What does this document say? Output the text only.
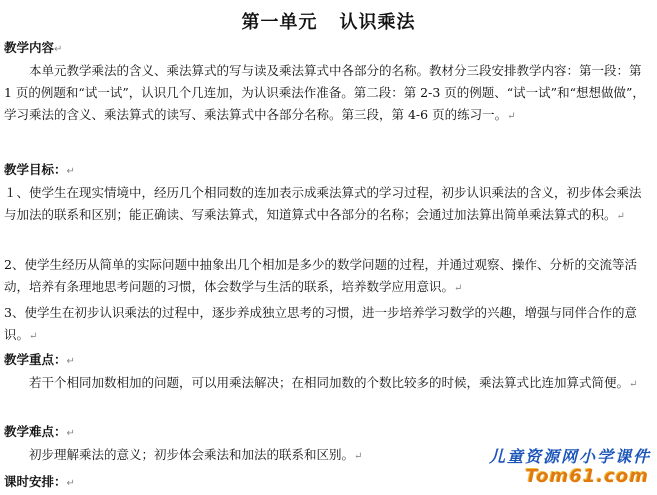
第一单元 认识乘法
教学内容↵
本单元教学乘法的含义、乘法算式的写与读及乘法算式中各部分的名称。教材分三段安排教学内容：第一段：第 1 页的例题和“试一试”，认识几个几连加，为认识乘法作准备。第二段：第 2-3 页的例题、“试一试”和“想想做做”，学习乘法的含义、乘法算式的读写、乘法算式中各部分名称。第三段，第 4-6 页的练习一。↵
教学目标：↵
１、使学生在现实情境中，经历几个相同数的连加表示成乘法算式的学习过程，初步认识乘法的含义，初步体会乘法与加法的联系和区别；能正确读、写乘法算式，知道算式中各部分的名称；会通过加法算出简单乘法算式的积。↵
2、使学生经历从简单的实际问题中抽象出几个相加是多少的数学问题的过程，并通过观察、操作、分析的交流等活动，培养有条理地思考问题的习惯，体会数学与生活的联系，培养数学应用意识。↵
3、使学生在初步认识乘法的过程中，逐步养成独立思考的习惯，进一步培养学习数学的兴趣，增强与同伴合作的意识。↵
教学重点：↵
若干个相同加数相加的问题，可以用乘法解决；在相同加数的个数比较多的时候，乘法算式比连加算式简便。↵
教学难点：↵
初步理解乘法的意义；初步体会乘法和加法的联系和区别。↵
课时安排：↵
儿童资源网小学课件
Tom61.com
